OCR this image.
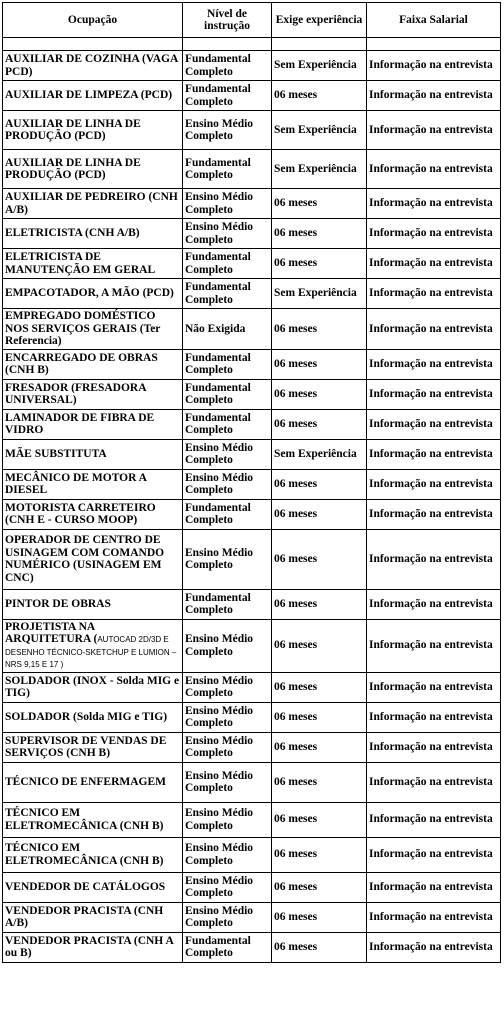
Ocupação	Nível de instrução	Exige experiência	Faixa Salarial

AUXILIAR DE COZINHA (VAGA PCD)	Fundamental Completo	Sem Experiência	Informação na entrevista
AUXILIAR DE LIMPEZA (PCD)	Fundamental Completo	06 meses	Informação na entrevista
AUXILIAR DE LINHA DE PRODUÇÃO (PCD)	Ensino Médio Completo	Sem Experiência	Informação na entrevista
AUXILIAR DE LINHA DE PRODUÇÃO (PCD)	Fundamental Completo	Sem Experiência	Informação na entrevista
AUXILIAR DE PEDREIRO (CNH A/B)	Ensino Médio Completo	06 meses	Informação na entrevista
ELETRICISTA (CNH A/B)	Ensino Médio Completo	06 meses	Informação na entrevista
ELETRICISTA DE MANUTENÇÃO EM GERAL	Fundamental Completo	06 meses	Informação na entrevista
EMPACOTADOR, A MÃO (PCD)	Fundamental Completo	Sem Experiência	Informação na entrevista
EMPREGADO DOMÉSTICO NOS SERVIÇOS GERAIS (Ter Referencia)	Não Exigida	06 meses	Informação na entrevista
ENCARREGADO DE OBRAS (CNH B)	Fundamental Completo	06 meses	Informação na entrevista
FRESADOR (FRESADORA UNIVERSAL)	Fundamental Completo	06 meses	Informação na entrevista
LAMINADOR DE FIBRA DE VIDRO	Fundamental Completo	06 meses	Informação na entrevista
MÃE SUBSTITUTA	Ensino Médio Completo	Sem Experiência	Informação na entrevista
MECÂNICO DE MOTOR A DIESEL	Ensino Médio Completo	06 meses	Informação na entrevista
MOTORISTA CARRETEIRO (CNH E - CURSO MOOP)	Fundamental Completo	06 meses	Informação na entrevista
OPERADOR DE CENTRO DE USINAGEM COM COMANDO NUMÉRICO (USINAGEM EM CNC)	Ensino Médio Completo	06 meses	Informação na entrevista
PINTOR DE OBRAS	Fundamental Completo	06 meses	Informação na entrevista
PROJETISTA NA ARQUITETURA (AUTOCAD 2D/3D E DESENHO TÉCNICO-SKETCHUP E LUMION – NRS 9,15 E 17 )	Ensino Médio Completo	06 meses	Informação na entrevista
SOLDADOR (INOX - Solda MIG e TIG)	Ensino Médio Completo	06 meses	Informação na entrevista
SOLDADOR (Solda MIG e TIG)	Ensino Médio Completo	06 meses	Informação na entrevista
SUPERVISOR DE VENDAS DE SERVIÇOS (CNH B)	Ensino Médio Completo	06 meses	Informação na entrevista
TÉCNICO DE ENFERMAGEM	Ensino Médio Completo	06 meses	Informação na entrevista
TÉCNICO EM ELETROMECÂNICA (CNH B)	Ensino Médio Completo	06 meses	Informação na entrevista
TÉCNICO EM ELETROMECÂNICA (CNH B)	Ensino Médio Completo	06 meses	Informação na entrevista
VENDEDOR DE CATÁLOGOS	Ensino Médio Completo	06 meses	Informação na entrevista
VENDEDOR PRACISTA (CNH A/B)	Ensino Médio Completo	06 meses	Informação na entrevista
VENDEDOR PRACISTA (CNH A ou B)	Fundamental Completo	06 meses	Informação na entrevista
